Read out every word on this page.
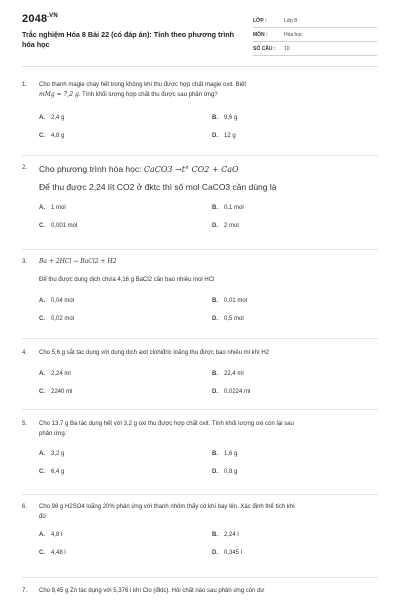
$2048^{.VN}$
Trắc nghiệm Hóa 8 Bài 22 (có đáp án): Tính theo phương trình hóa học
LỚP :	Lớp 8
MÔN :	Hóa học
SỐ CÂU :	10
1.	Cho thanh magie cháy hết trong không khí thu được hợp chất magie oxit. Biết
mMg = 7,2 g. Tính khối lượng hợp chất thu được sau phản ứng?
A. 2,4 g	B. 9,6 g
C. 4,8 g	D. 12 g
2.	Cho phương trình hóa học: CaCO3 →t° CO2 + CaO
Để thu được 2,24 lít CO2 ở đktc thì số mol CaCO3 cần dùng là
A. 1 mol	B. 0,1 mol
C. 0,001 mol	D. 2 mol
3.	Ba + 2HCl → BaCl2 + H2
Để thu được dung dịch chứa 4,16 g BaCl2 cần bao nhiêu mol HCl
A. 0,04 mol	B. 0,01 mol
C. 0,02 mol	D. 0,5 mol
4.	Cho 5,6 g sắt tác dụng với dung dịch axit clohiđric loãng thu được bao nhiêu ml khí H2
A. 2,24 ml	B. 22,4 ml
C. 2240 ml	D. 0,0224 ml
5.	Cho 13,7 g Ba tác dụng hết với 3,2 g oxi thu được hợp chất oxit. Tính khối lượng oxi còn lại sau
phản ứng.
A. 3,2 g	B. 1,6 g
C. 6,4 g	D. 0,8 g
6.	Cho 98 g H2SO4 loãng 20% phản ứng với thanh nhôm thấy có khí bay lên. Xác định thể tích khí
đó
A. 4,8 l	B. 2,24 l
C. 4,48 l	D. 0,345 l
7.	Cho 8,45 g Zn tác dụng với 5,376 l khí Clo (đktc). Hỏi chất nào sau phản ứng còn dư
